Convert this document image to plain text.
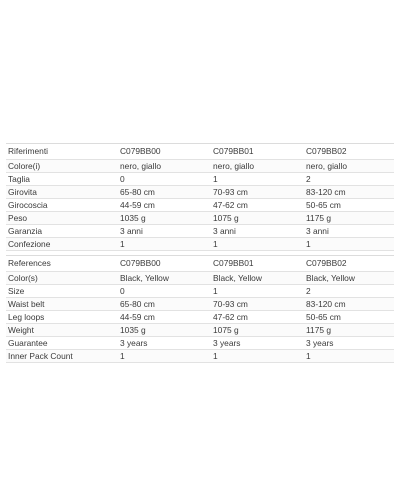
Riferimenti	C079BB00	C079BB01	C079BB02
Colore(i)	nero, giallo	nero, giallo	nero, giallo
Taglia	0	1	2
Girovita	65-80 cm	70-93 cm	83-120 cm
Girocoscia	44-59 cm	47-62 cm	50-65 cm
Peso	1035 g	1075 g	1175 g
Garanzia	3 anni	3 anni	3 anni
Confezione	1	1	1
References	C079BB00	C079BB01	C079BB02
Color(s)	Black, Yellow	Black, Yellow	Black, Yellow
Size	0	1	2
Waist belt	65-80 cm	70-93 cm	83-120 cm
Leg loops	44-59 cm	47-62 cm	50-65 cm
Weight	1035 g	1075 g	1175 g
Guarantee	3 years	3 years	3 years
Inner Pack Count	1	1	1
